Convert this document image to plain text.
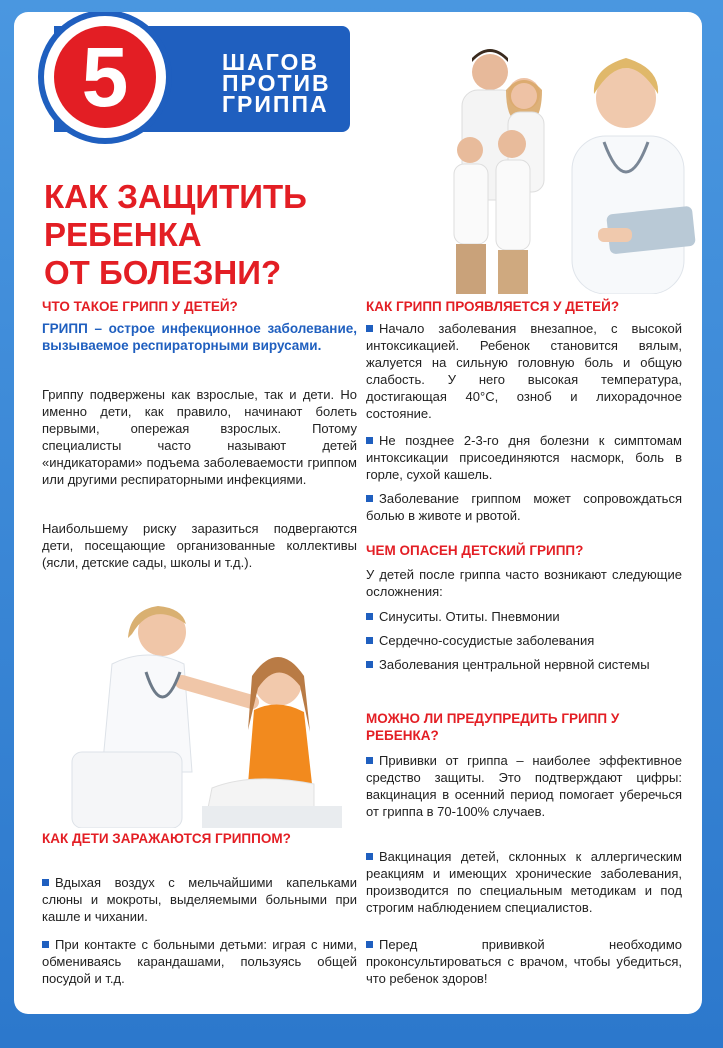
ШАГОВ
ПРОТИВ
ГРИППА
5
КАК ЗАЩИТИТЬ
РЕБЕНКА
ОТ БОЛЕЗНИ?
ЧТО ТАКОЕ ГРИПП У ДЕТЕЙ?
ГРИПП – острое инфекционное заболевание, вызываемое респираторными вирусами.
Гриппу подвержены как взрослые, так и дети. Но именно дети, как правило, начинают болеть первыми, опережая взрослых. Потому специалисты часто называют детей «индикаторами» подъема заболеваемости гриппом или другими респираторными инфекциями.
Наибольшему риску заразиться подвергаются дети, посещающие организованные коллективы (ясли, детские сады, школы и т.д.).
КАК ДЕТИ ЗАРАЖАЮТСЯ ГРИППОМ?
Вдыхая воздух с мельчайшими капельками слюны и мокроты, выделяемыми больными при кашле и чихании.
При контакте с больными детьми: играя с ними, обмениваясь карандашами, пользуясь общей посудой и т.д.
КАК ГРИПП ПРОЯВЛЯЕТСЯ У ДЕТЕЙ?
Начало заболевания внезапное, с высокой интоксикацией. Ребенок становится вялым, жалуется на сильную головную боль и общую слабость. У него высокая температура, достигающая 40°С, озноб и лихорадочное состояние.
Не позднее 2-3-го дня болезни к симптомам интоксикации присоединяются насморк, боль в горле, сухой кашель.
Заболевание гриппом может сопровождаться болью в животе и рвотой.
ЧЕМ ОПАСЕН ДЕТСКИЙ ГРИПП?
У детей после гриппа часто возникают следующие осложнения:
Синуситы. Отиты. Пневмонии
Сердечно-сосудистые заболевания
Заболевания центральной нервной системы
МОЖНО ЛИ ПРЕДУПРЕДИТЬ ГРИПП У РЕБЕНКА?
Прививки от гриппа – наиболее эффективное средство защиты. Это подтверждают цифры: вакцинация в осенний период помогает уберечься от гриппа в 70-100% случаев.
Вакцинация детей, склонных к аллергическим реакциям и имеющих хронические заболевания, производится по специальным методикам и под строгим наблюдением специалистов.
Перед прививкой необходимо проконсультироваться с врачом, чтобы убедиться, что ребенок здоров!
